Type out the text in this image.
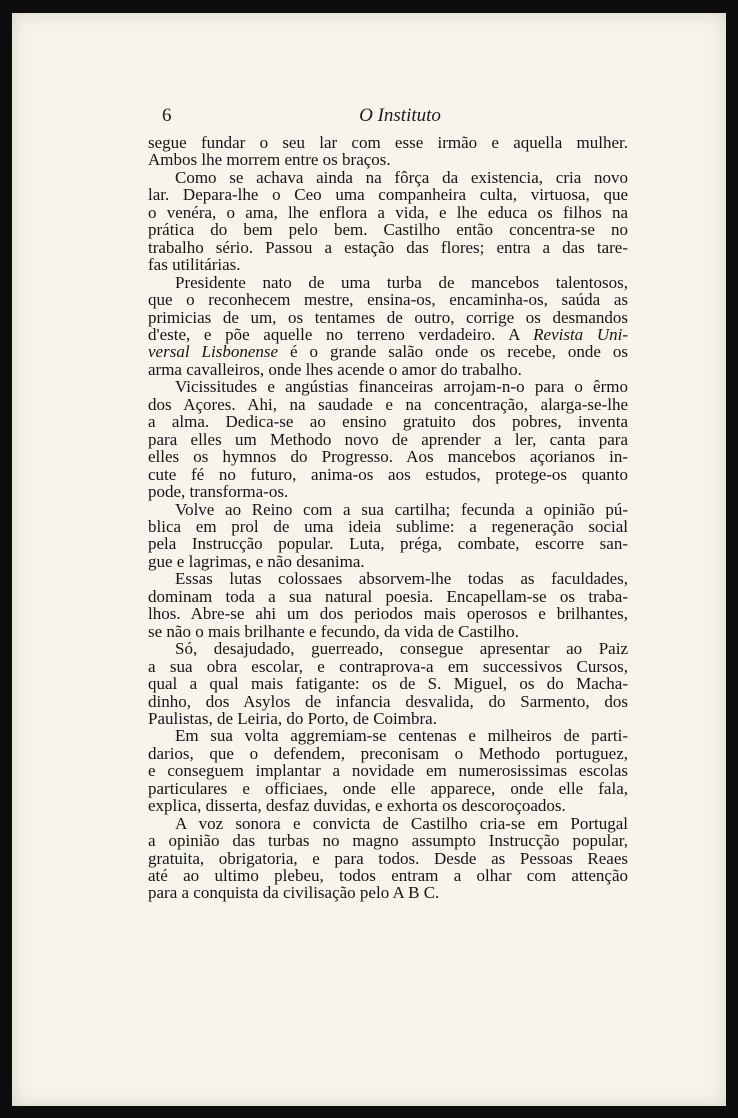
6	O Instituto
segue fundar o seu lar com esse irmão e aquella mulher.
Ambos lhe morrem entre os braços.
Como se achava ainda na fôrça da existencia, cria novo
lar. Depara-lhe o Ceo uma companheira culta, virtuosa, que
o venéra, o ama, lhe enflora a vida, e lhe educa os filhos na
prática do bem pelo bem. Castilho então concentra-se no
trabalho sério. Passou a estação das flores; entra a das tare-
fas utilitárias.
Presidente nato de uma turba de mancebos talentosos,
que o reconhecem mestre, ensina-os, encaminha-os, saúda as
primicias de um, os tentames de outro, corrige os desmandos
d'este, e põe aquelle no terreno verdadeiro. A Revista Uni-
versal Lisbonense é o grande salão onde os recebe, onde os
arma cavalleiros, onde lhes acende o amor do trabalho.
Vicissitudes e angústias financeiras arrojam-n-o para o êrmo
dos Açores. Ahi, na saudade e na concentração, alarga-se-lhe
a alma. Dedica-se ao ensino gratuito dos pobres, inventa
para elles um Methodo novo de aprender a ler, canta para
elles os hymnos do Progresso. Aos mancebos açorianos in-
cute fé no futuro, anima-os aos estudos, protege-os quanto
pode, transforma-os.
Volve ao Reino com a sua cartilha; fecunda a opinião pú-
blica em prol de uma ideia sublime: a regeneração social
pela Instrucção popular. Luta, préga, combate, escorre san-
gue e lagrimas, e não desanima.
Essas lutas colossaes absorvem-lhe todas as faculdades,
dominam toda a sua natural poesia. Encapellam-se os traba-
lhos. Abre-se ahi um dos periodos mais operosos e brilhantes,
se não o mais brilhante e fecundo, da vida de Castilho.
Só, desajudado, guerreado, consegue apresentar ao Paiz
a sua obra escolar, e contraprova-a em successivos Cursos,
qual a qual mais fatigante: os de S. Miguel, os do Macha-
dinho, dos Asylos de infancia desvalida, do Sarmento, dos
Paulistas, de Leiria, do Porto, de Coimbra.
Em sua volta aggremiam-se centenas e milheiros de parti-
darios, que o defendem, preconisam o Methodo portuguez,
e conseguem implantar a novidade em numerosissimas escolas
particulares e officiaes, onde elle apparece, onde elle fala,
explica, disserta, desfaz duvidas, e exhorta os descoroçoados.
A voz sonora e convicta de Castilho cria-se em Portugal
a opinião das turbas no magno assumpto Instrucção popular,
gratuita, obrigatoria, e para todos. Desde as Pessoas Reaes
até ao ultimo plebeu, todos entram a olhar com attenção
para a conquista da civilisação pelo A B C.
